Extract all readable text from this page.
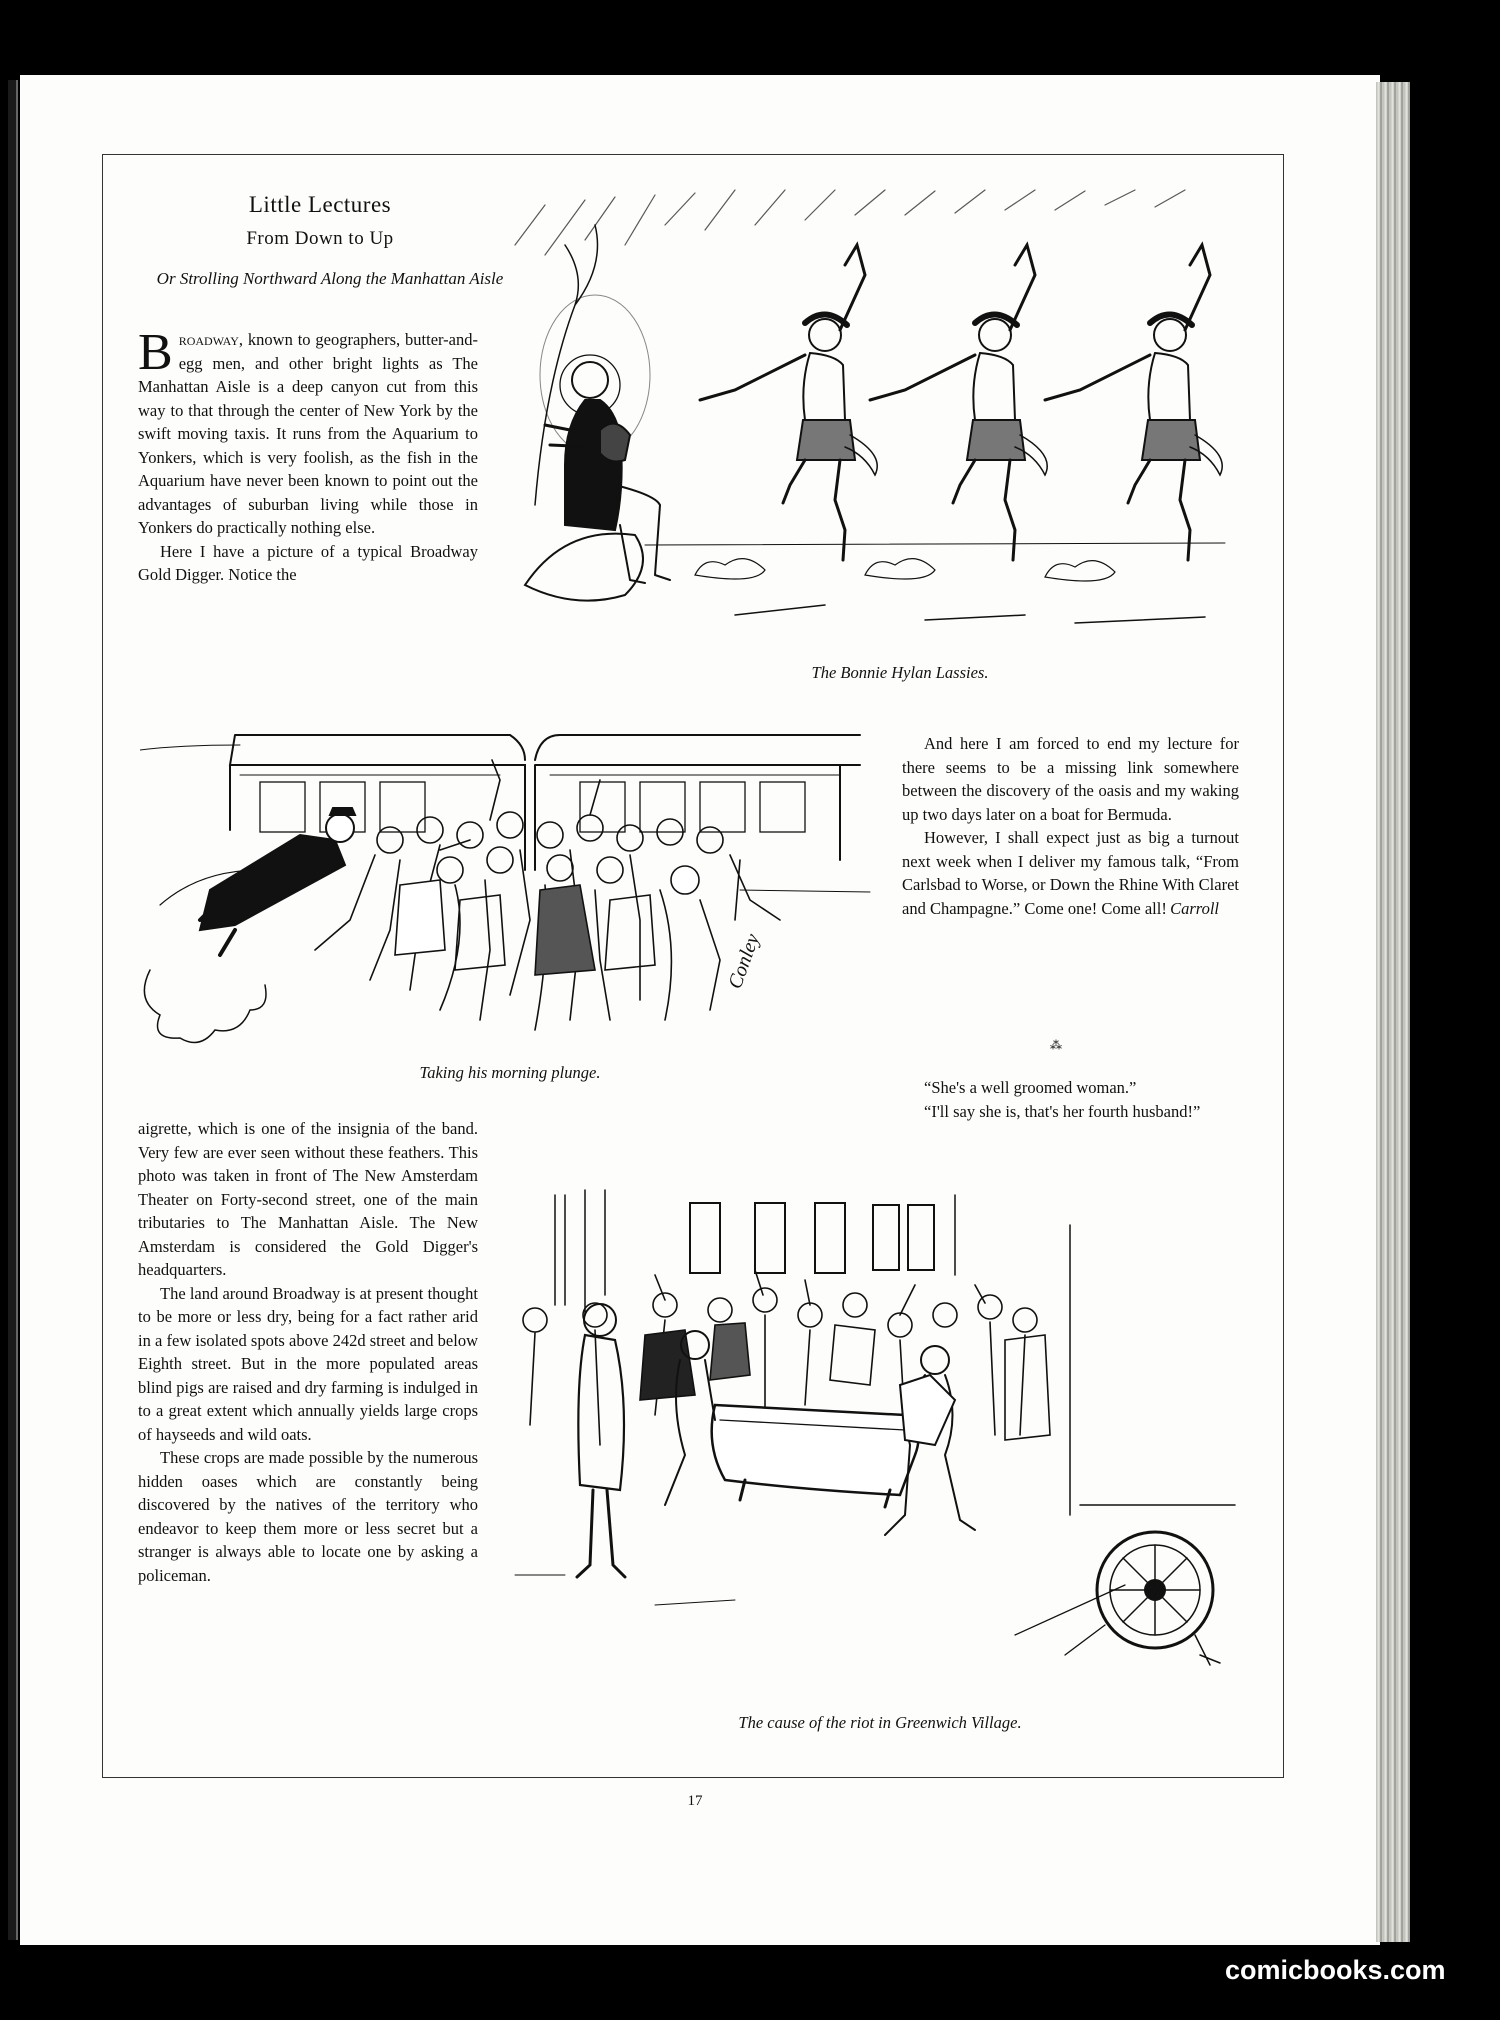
Little Lectures
From Down to Up
Or Strolling Northward Along the Manhattan Aisle

Broadway, known to geographers, butter-and-egg men, and other bright lights as The Manhattan Aisle is a deep canyon cut from this way to that through the center of New York by the swift moving taxis. It runs from the Aquarium to Yonkers, which is very foolish, as the fish in the Aquarium have never been known to point out the advantages of suburban living while those in Yonkers do practically nothing else.

Here I have a picture of a typical Broadway Gold Digger. Notice the

The Bonnie Hylan Lassies.
Conley
Taking his morning plunge.

And here I am forced to end my lecture for there seems to be a missing link somewhere between the discovery of the oasis and my waking up two days later on a boat for Bermuda.

However, I shall expect just as big a turnout next week when I deliver my famous talk, “From Carlsbad to Worse, or Down the Rhine With Claret and Champagne.” Come one! Come all! Carroll
⁂

“She's a well groomed woman.”

“I'll say she is, that's her fourth husband!”

aigrette, which is one of the insignia of the band. Very few are ever seen without these feathers. This photo was taken in front of The New Amsterdam Theater on Forty-second street, one of the main tributaries to The Manhattan Aisle. The New Amsterdam is considered the Gold Digger's headquarters.

The land around Broadway is at present thought to be more or less dry, being for a fact rather arid in a few isolated spots above 242d street and below Eighth street. But in the more populated areas blind pigs are raised and dry farming is indulged in to a great extent which annually yields large crops of hayseeds and wild oats.

These crops are made possible by the numerous hidden oases which are constantly being discovered by the natives of the territory who endeavor to keep them more or less secret but a stranger is always able to locate one by asking a policeman.

The cause of the riot in Greenwich Village.
17
comicbooks.com
